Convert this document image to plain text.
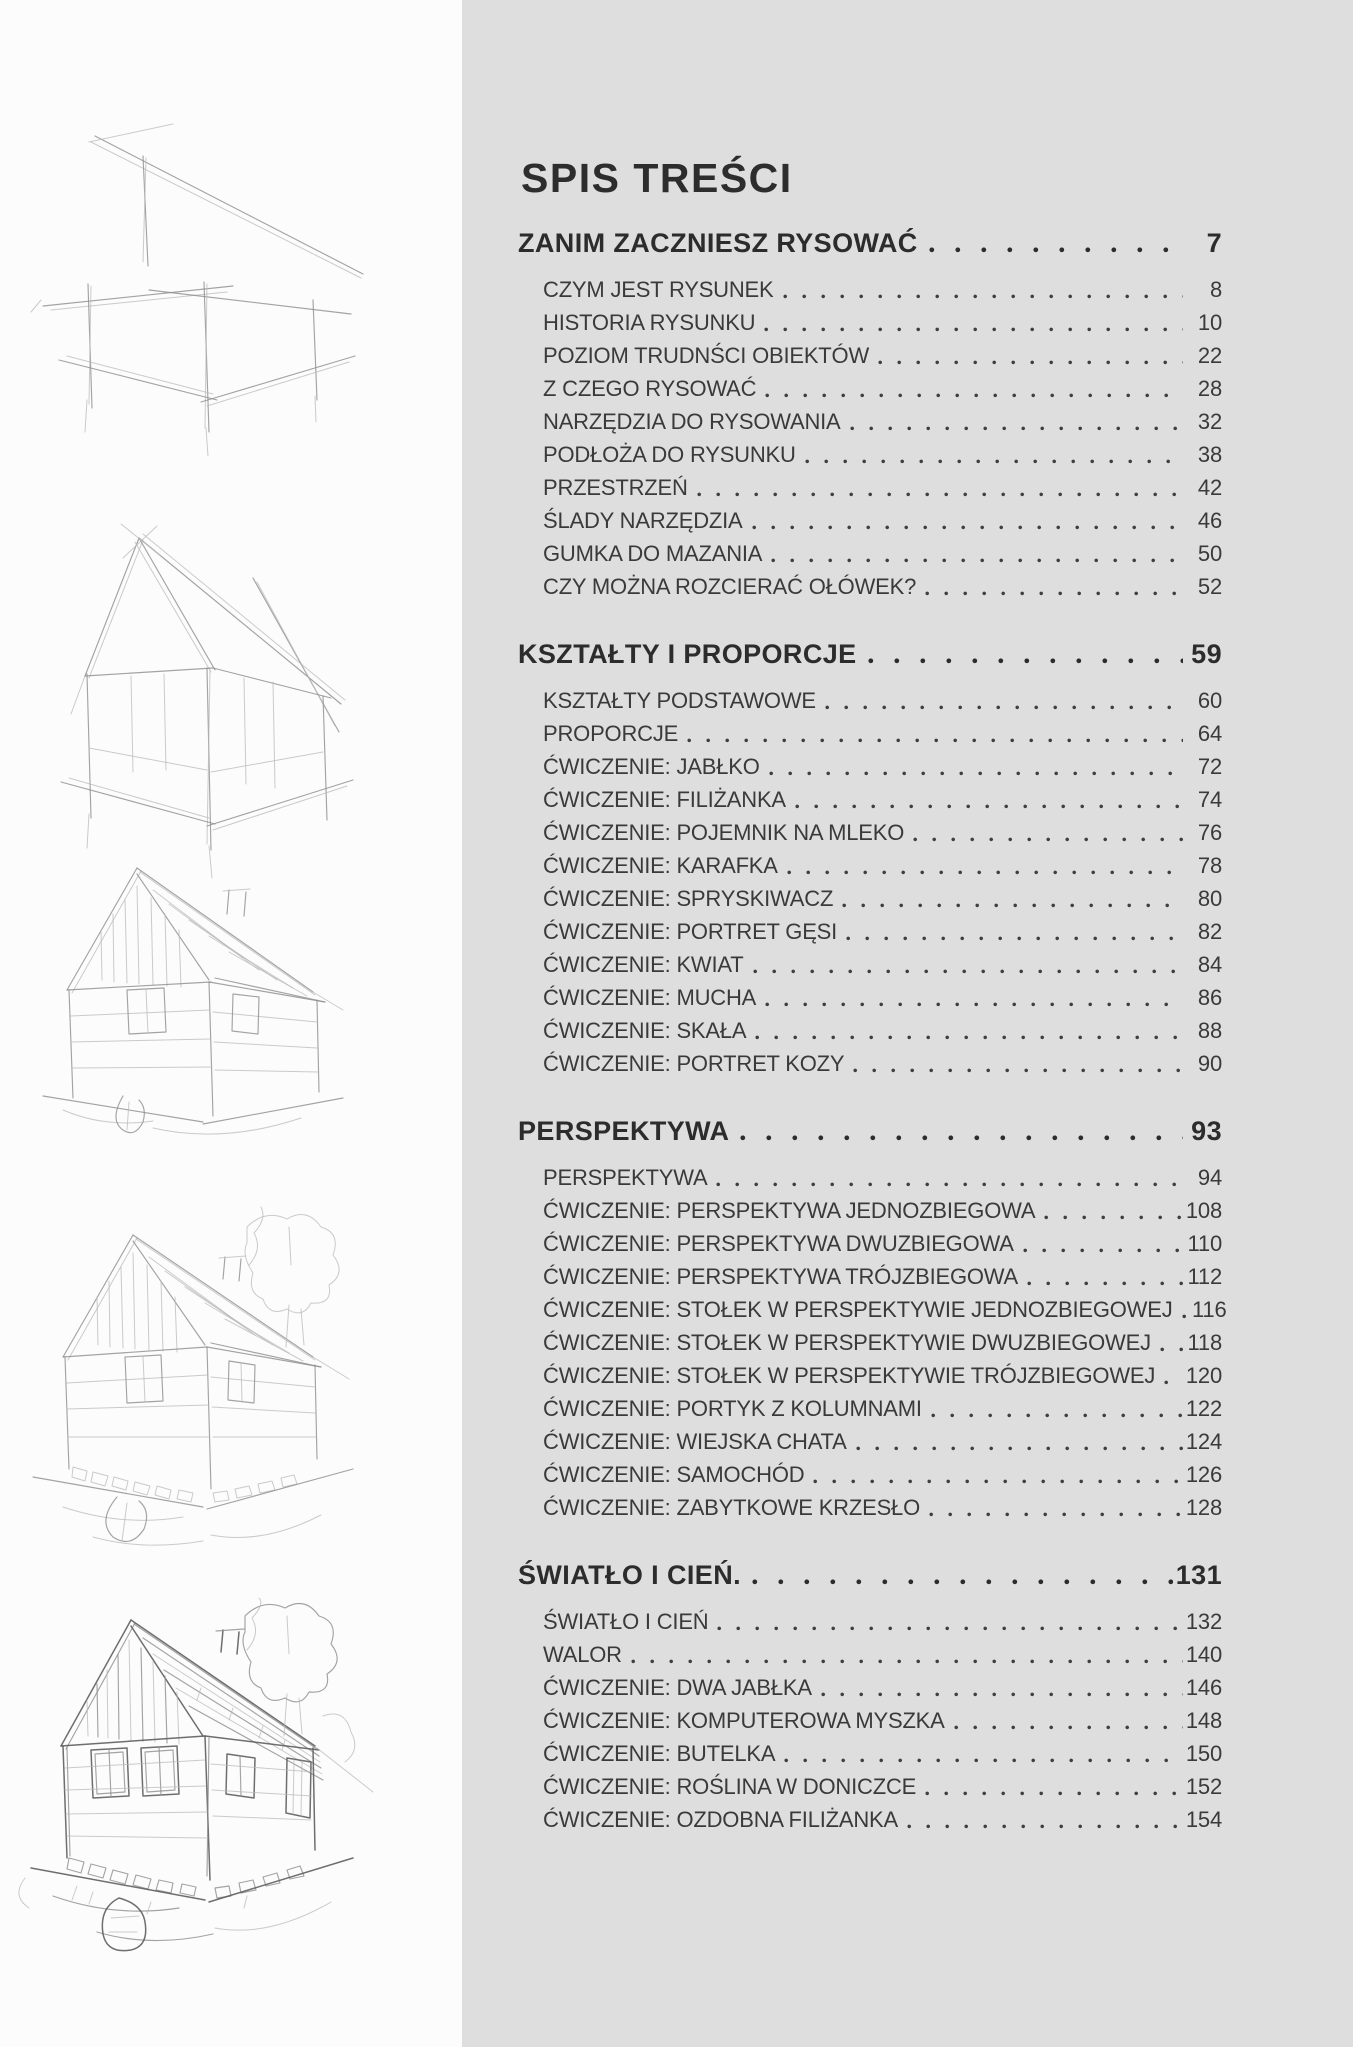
SPIS TREŚCI
ZANIM ZACZNIESZ RYSOWAĆ	7
CZYM JEST RYSUNEK	8
HISTORIA RYSUNKU	10
POZIOM TRUDNŚCI OBIEKTÓW	22
Z CZEGO RYSOWAĆ	28
NARZĘDZIA DO RYSOWANIA	32
PODŁOŻA DO RYSUNKU	38
PRZESTRZEŃ	42
ŚLADY NARZĘDZIA	46
GUMKA DO MAZANIA	50
CZY MOŻNA ROZCIERAĆ OŁÓWEK?	52
KSZTAŁTY I PROPORCJE	59
KSZTAŁTY PODSTAWOWE	60
PROPORCJE	64
ĆWICZENIE: JABŁKO	72
ĆWICZENIE: FILIŻANKA	74
ĆWICZENIE: POJEMNIK NA MLEKO	76
ĆWICZENIE: KARAFKA	78
ĆWICZENIE: SPRYSKIWACZ	80
ĆWICZENIE: PORTRET GĘSI	82
ĆWICZENIE: KWIAT	84
ĆWICZENIE: MUCHA	86
ĆWICZENIE: SKAŁA	88
ĆWICZENIE: PORTRET KOZY	90
PERSPEKTYWA	93
PERSPEKTYWA	94
ĆWICZENIE: PERSPEKTYWA JEDNOZBIEGOWA	108
ĆWICZENIE: PERSPEKTYWA DWUZBIEGOWA	110
ĆWICZENIE: PERSPEKTYWA TRÓJZBIEGOWA	112
ĆWICZENIE: STOŁEK W PERSPEKTYWIE JEDNOZBIEGOWEJ 116
ĆWICZENIE: STOŁEK W PERSPEKTYWIE DWUZBIEGOWEJ 118
ĆWICZENIE: STOŁEK W PERSPEKTYWIE TRÓJZBIEGOWEJ 120
ĆWICZENIE: PORTYK Z KOLUMNAMI	122
ĆWICZENIE: WIEJSKA CHATA	124
ĆWICZENIE: SAMOCHÓD	126
ĆWICZENIE: ZABYTKOWE KRZESŁO	128
ŚWIATŁO I CIEŃ.	131
ŚWIATŁO I CIEŃ	132
WALOR	140
ĆWICZENIE: DWA JABŁKA	146
ĆWICZENIE: KOMPUTEROWA MYSZKA	148
ĆWICZENIE: BUTELKA	150
ĆWICZENIE: ROŚLINA W DONICZCE	152
ĆWICZENIE: OZDOBNA FILIŻANKA	154
